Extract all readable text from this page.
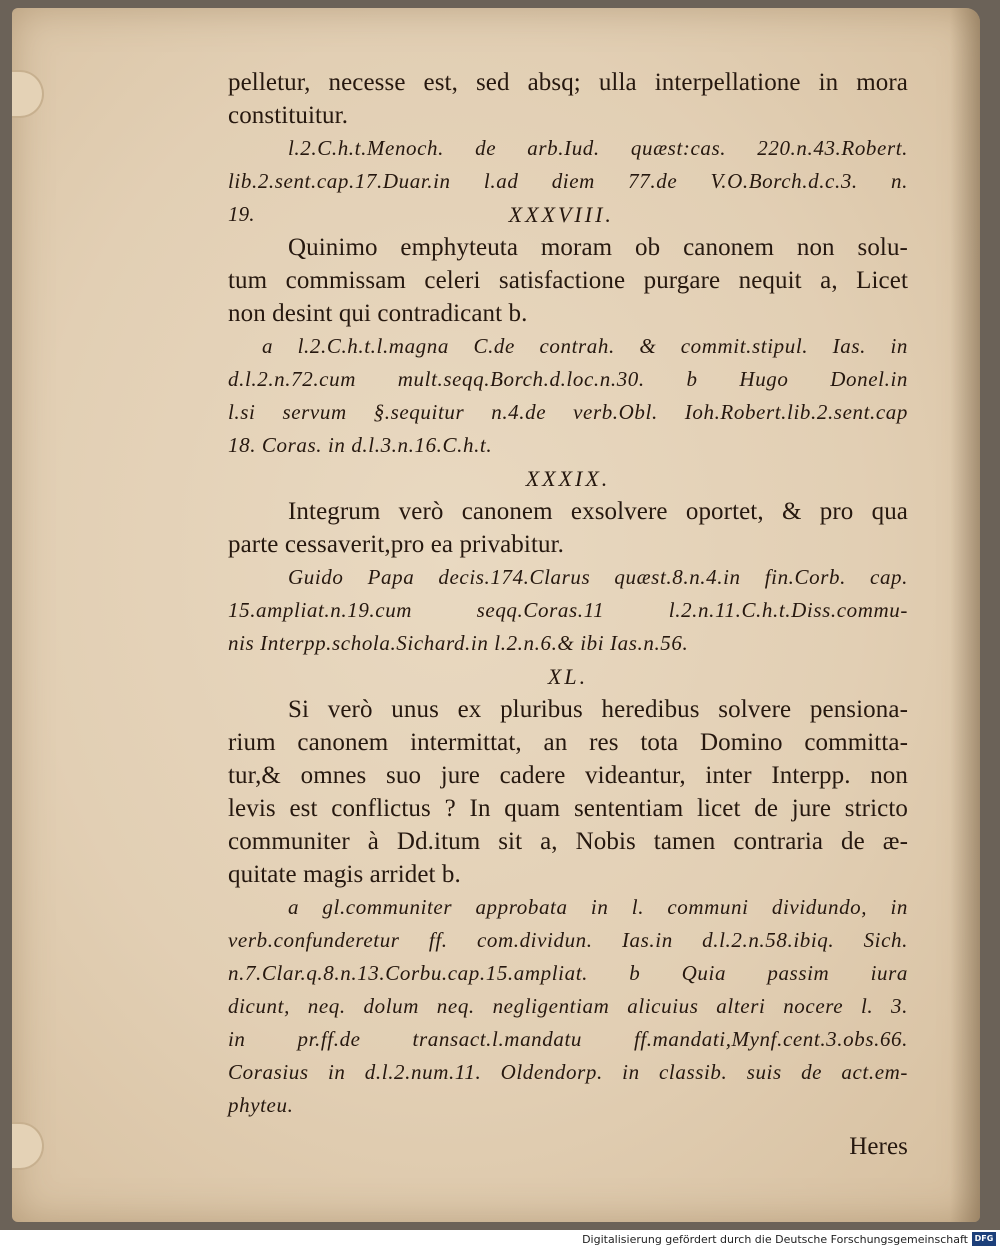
pelletur, necesse est, sed absq; ulla interpellatione in mora
constituitur.
l.2.C.h.t.Menoch. de arb.Iud. quæst:cas. 220.n.43.Robert.
lib.2.sent.cap.17.Duar.in l.ad diem 77.de V.O.Borch.d.c.3. n.
19.	XXXVIII.
Quinimo emphyteuta moram ob canonem non solu-
tum commissam celeri satisfactione purgare nequit a, Licet
non desint qui contradicant b.
a l.2.C.h.t.l.magna C.de contrah. & commit.stipul. Ias. in
d.l.2.n.72.cum mult.seqq.Borch.d.loc.n.30. b Hugo Donel.in
l.si servum §.sequitur n.4.de verb.Obl. Ioh.Robert.lib.2.sent.cap
18. Coras. in d.l.3.n.16.C.h.t.
XXXIX.
Integrum verò canonem exsolvere oportet, & pro qua
parte cessaverit,pro ea privabitur.
Guido Papa decis.174.Clarus quæst.8.n.4.in fin.Corb. cap.
15.ampliat.n.19.cum seqq.Coras.11 l.2.n.11.C.h.t.Diss.commu-
nis Interpp.schola.Sichard.in l.2.n.6.& ibi Ias.n.56.
XL.
Si verò unus ex pluribus heredibus solvere pensiona-
rium canonem intermittat, an res tota Domino committa-
tur,& omnes suo jure cadere videantur, inter Interpp. non
levis est conflictus ? In quam sententiam licet de jure stricto
communiter à Dd.itum sit a, Nobis tamen contraria de æ-
quitate magis arridet b.
a gl.communiter approbata in l. communi dividundo, in
verb.confunderetur ff. com.dividun. Ias.in d.l.2.n.58.ibiq. Sich.
n.7.Clar.q.8.n.13.Corbu.cap.15.ampliat. b Quia passim iura
dicunt, neq. dolum neq. negligentiam alicuius alteri nocere l. 3.
in pr.ff.de transact.l.mandatu ff.mandati,Mynf.cent.3.obs.66.
Corasius in d.l.2.num.11. Oldendorp. in classib. suis de act.em-
phyteu.
Heres
Digitalisierung gefördert durch die Deutsche Forschungsgemeinschaft DFG
